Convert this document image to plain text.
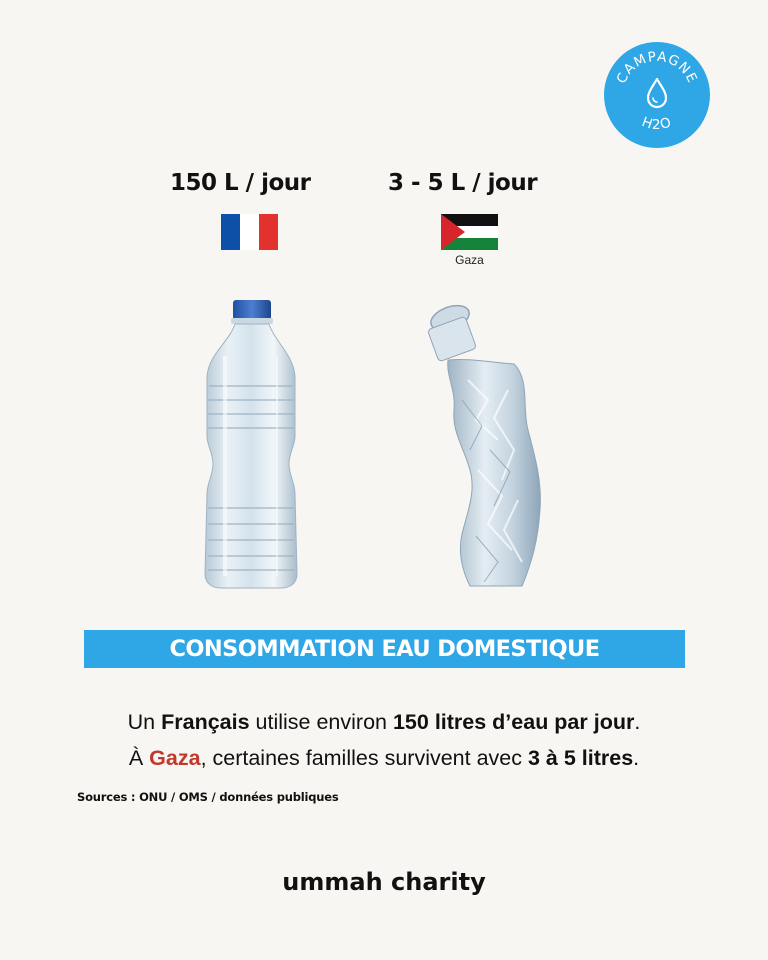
CAMPAGNE
H2O
150 L / jour	3 - 5 L / jour
Gaza
CONSOMMATION EAU DOMESTIQUE
Un Français utilise environ 150 litres d’eau par jour.
À Gaza, certaines familles survivent avec 3 à 5 litres.
Sources : ONU / OMS / données publiques
ummah charity
